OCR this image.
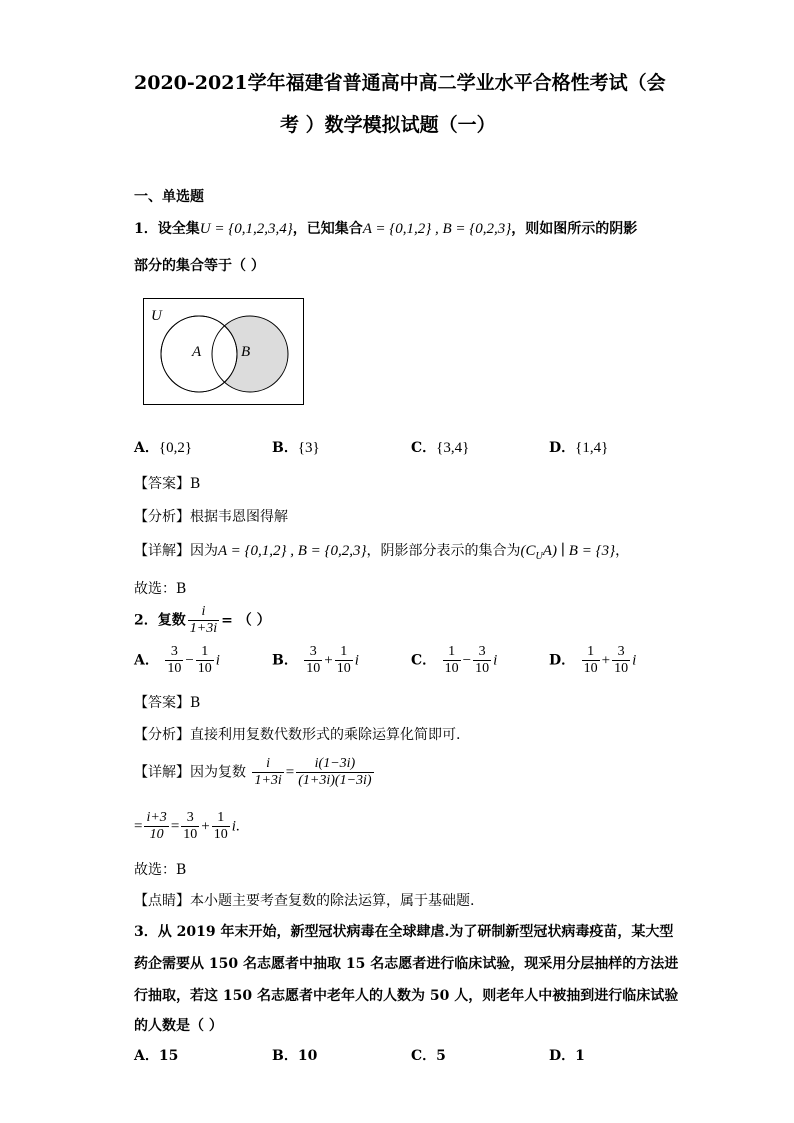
2020-2021学年福建省普通高中高二学业水平合格性考试（会
考 ）数学模拟试题（一）
一、单选题
1．设全集U = {0,1,2,3,4}，已知集合A = {0,1,2} , B = {0,2,3}，则如图所示的阴影
部分的集合等于（ ）
U
A	B
A．{0,2}	B．{3}	C．{3,4}	D．{1,4}
【答案】B
【分析】根据韦恩图得解
【详解】因为A = {0,1,2} , B = {0,2,3}，阴影部分表示的集合为$(C_UA)$ ∣ B = {3}，
故选：B
2．复数 $\frac{i}{1+3i}$ = （ ）
A． $\frac{3}{10} - \frac{1}{10}$ i	B． $\frac{3}{10} + \frac{1}{10}$ i	C． $\frac{1}{10} - \frac{3}{10}$ i	D． $\frac{1}{10} + \frac{3}{10}$ i
【答案】B
【分析】直接利用复数代数形式的乘除运算化简即可.
【详解】因为复数 $\frac{i}{1+3i} = \frac{i(1-3i)}{(1+3i)(1-3i)}$
= $\frac{i+3}{10} = \frac{3}{10} + \frac{1}{10} i$.
故选：B
【点睛】本小题主要考查复数的除法运算，属于基础题.
3．从 2019 年末开始，新型冠状病毒在全球肆虐.为了研制新型冠状病毒疫苗，某大型
药企需要从 150 名志愿者中抽取 15 名志愿者进行临床试验，现采用分层抽样的方法进
行抽取，若这 150 名志愿者中老年人的人数为 50 人，则老年人中被抽到进行临床试验
的人数是（ ）
A．15	B．10	C．5	D．1
